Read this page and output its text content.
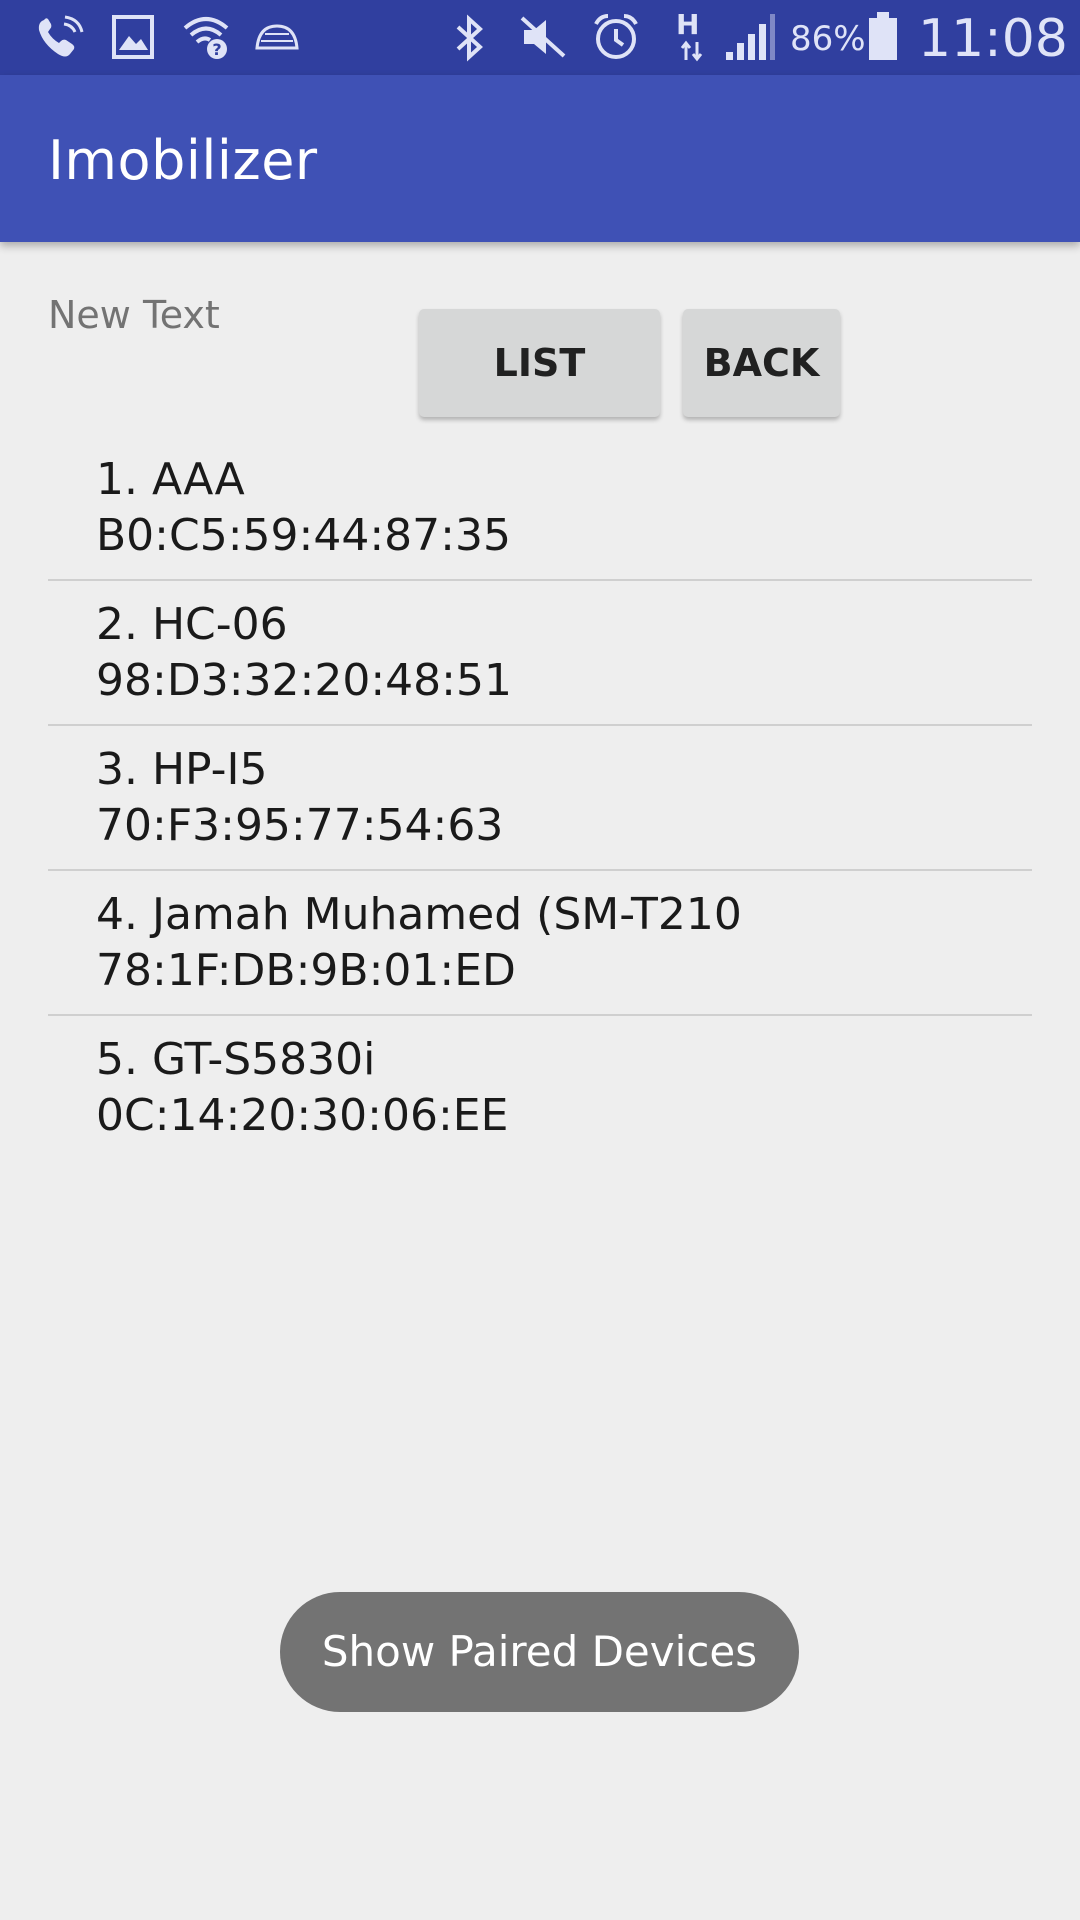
?
H	86% 11:08
Imobilizer
New Text
LIST	BACK
1. AAA
B0:C5:59:44:87:35
2. HC-06
98:D3:32:20:48:51
3. HP-I5
70:F3:95:77:54:63
4. Jamah Muhamed (SM-T210
78:1F:DB:9B:01:ED
5. GT-S5830i
0C:14:20:30:06:EE
Show Paired Devices
